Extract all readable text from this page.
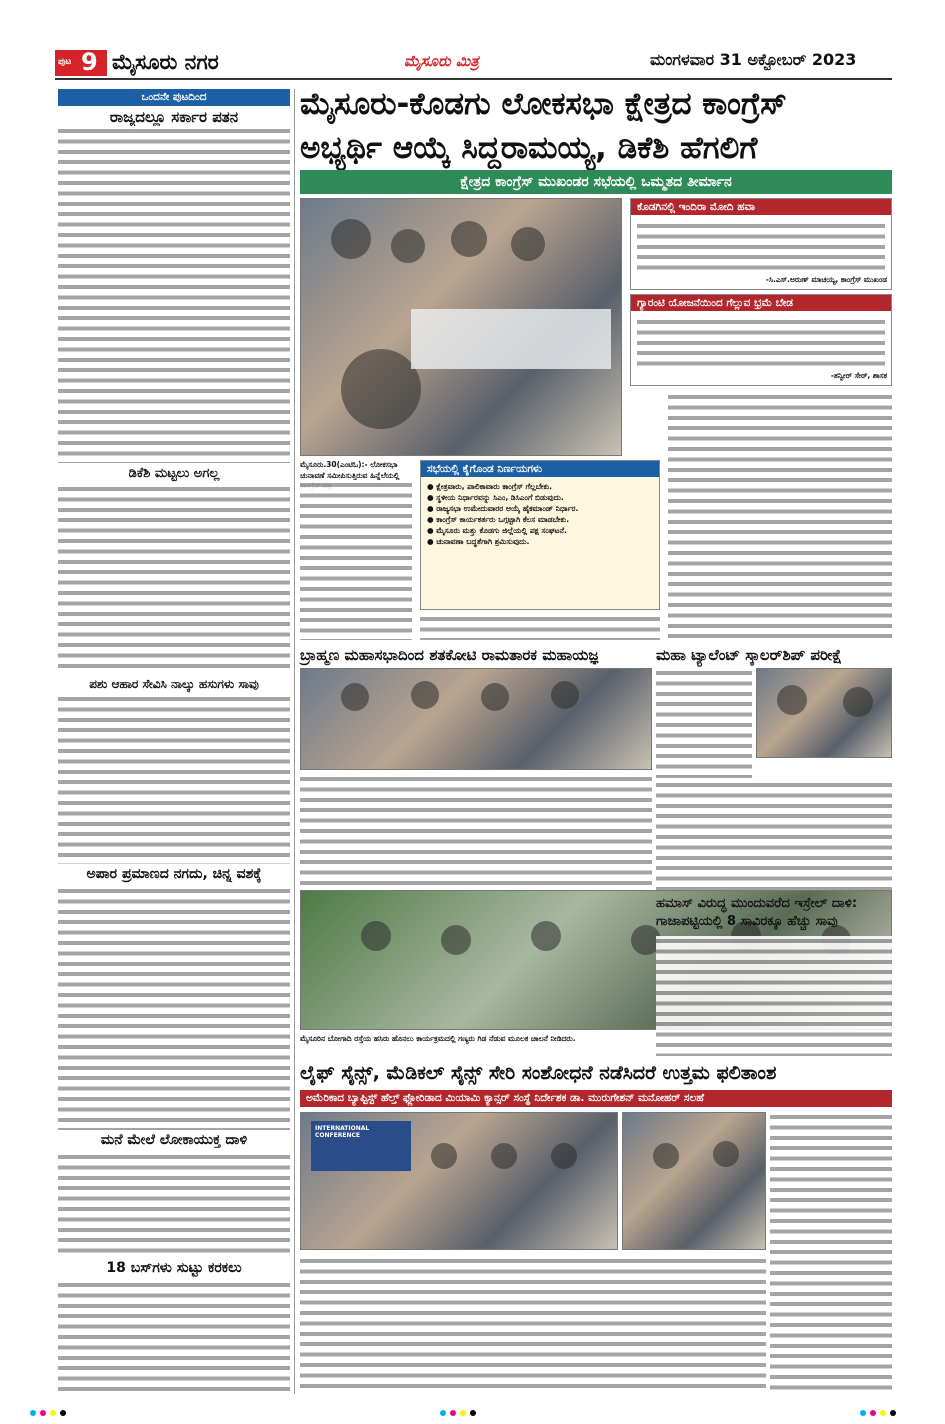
ಪುಟ 9 ಮೈಸೂರು ನಗರ	ಮೈಸೂರು ಮಿತ್ರ	ಮಂಗಳವಾರ 31 ಅಕ್ಟೋಬರ್ 2023
ಒಂದನೇ ಪುಟದಿಂದ
ರಾಜ್ಯದಲ್ಲೂ ಸರ್ಕಾರ ಪತನ
ಡಿಕೆಶಿ ಮಟ್ಟಲು ಅಗಲ್ಲ
ಪಶು ಆಹಾರ ಸೇವಿಸಿ ನಾಲ್ಕು ಹಸುಗಳು ಸಾವು
ಅಪಾರ ಪ್ರಮಾಣದ ನಗದು, ಚಿನ್ನ ವಶಕ್ಕೆ
ಮನೆ ಮೇಲೆ ಲೋಕಾಯುಕ್ತ ದಾಳಿ
18 ಬಸ್‌ಗಳು ಸುಟ್ಟು ಕರಕಲು
ಮೈಸೂರು-ಕೊಡಗು ಲೋಕಸಭಾ ಕ್ಷೇತ್ರದ ಕಾಂಗ್ರೆಸ್
ಅಭ್ಯರ್ಥಿ ಆಯ್ಕೆ ಸಿದ್ದರಾಮಯ್ಯ, ಡಿಕೆಶಿ ಹೆಗಲಿಗೆ
ಕ್ಷೇತ್ರದ ಕಾಂಗ್ರೆಸ್ ಮುಖಂಡರ ಸಭೆಯಲ್ಲಿ ಒಮ್ಮತದ ತೀರ್ಮಾನ
ಮೈಸೂರು.30(ಎಂಟಿಓ):- ಲೋಕಸಭಾ ಚುನಾವಣೆ ಸಮೀಪಿಸುತ್ತಿರುವ ಹಿನ್ನೆಲೆಯಲ್ಲಿ	ಸಭೆಯಲ್ಲಿ ಕೈಗೊಂಡ ನಿರ್ಣಯಗಳು
● ಕ್ಷೇತ್ರವಾರು, ಪಾಲಿಕಾವಾರು ಕಾಂಗ್ರೆಸ್ ಗೆಲ್ಲಬೇಕು.
● ಸ್ಥಳೀಯ ನಿರ್ಧಾರವನ್ನು ಸಿಎಂ, ಡಿಸಿಎಂಗೆ ಬಿಡುವುದು.
● ರಾಜ್ಯಸಭಾ ಉಮೇದುವಾರರ ಆಯ್ಕೆ ಹೈಕಮಾಂಡ್ ನಿರ್ಧಾರ.
● ಕಾಂಗ್ರೆಸ್ ಕಾರ್ಯಕರ್ತರು ಒಗ್ಗಟ್ಟಾಗಿ ಕೆಲಸ ಮಾಡಬೇಕು.
● ಮೈಸೂರು ಮತ್ತು ಕೊಡಗು ಜಿಲ್ಲೆಯಲ್ಲಿ ಪಕ್ಷ ಸಂಘಟನೆ.
● ಚುನಾವಣಾ ಬದ್ಧತೆಗಾಗಿ ಶ್ರಮಿಸುವುದು.
ಕೊಡಗಿನಲ್ಲಿ ಇಂದಿರಾ ಮೋದಿ ಹವಾ
-ಸಿ.ಎಸ್.ಅರುಣ್ ಮಾಚಯ್ಯ, ಕಾಂಗ್ರೆಸ್ ಮುಖಂಡ
ಗ್ಯಾರಂಟಿ ಯೋಜನೆಯಿಂದ ಗೆಲ್ಲುವ ಭ್ರಮೆ ಬೇಡ
-ತನ್ವೀರ್ ಸೇಠ್, ಶಾಸಕ
ಬ್ರಾಹ್ಮಣ ಮಹಾಸಭಾದಿಂದ ಶತಕೋಟಿ ರಾಮತಾರಕ ಮಹಾಯಜ್ಞ	ಮಹಾ ಟ್ಯಾಲೆಂಟ್ ಸ್ಕಾಲರ್‌ಶಿಪ್ ಪರೀಕ್ಷೆ
ಮೈಸೂರಿನ ಬೋಗಾದಿ ರಸ್ತೆಯ ಹಸಿರು ಹೊನಲು ಕಾರ್ಯಕ್ರಮದಲ್ಲಿ ಗಣ್ಯರು ಗಿಡ ನೆಡುವ ಮೂಲಕ ಚಾಲನೆ ನೀಡಿದರು.
ಹಮಾಸ್ ವಿರುದ್ಧ ಮುಂದುವರೆದ ಇಸ್ರೇಲ್ ದಾಳಿ:
ಗಾಜಾಪಟ್ಟಿಯಲ್ಲಿ 8 ಸಾವಿರಕ್ಕೂ ಹೆಚ್ಚು ಸಾವು
ಲೈಫ್ ಸೈನ್ಸ್, ಮೆಡಿಕಲ್ ಸೈನ್ಸ್ ಸೇರಿ ಸಂಶೋಧನೆ ನಡೆಸಿದರೆ ಉತ್ತಮ ಫಲಿತಾಂಶ
ಅಮೆರಿಕಾದ ಬ್ಯಾಪ್ಟಿಸ್ಟ್ ಹೆಲ್ತ್ ಫ್ಲೋರಿಡಾದ ಮಿಯಾಮಿ ಕ್ಯಾನ್ಸರ್ ಸಂಸ್ಥೆ ನಿರ್ದೇಶಕ ಡಾ. ಮುರುಗೇಶನ್ ಮನೋಹರ್ ಸಲಹೆ
INTERNATIONAL CONFERENCE
